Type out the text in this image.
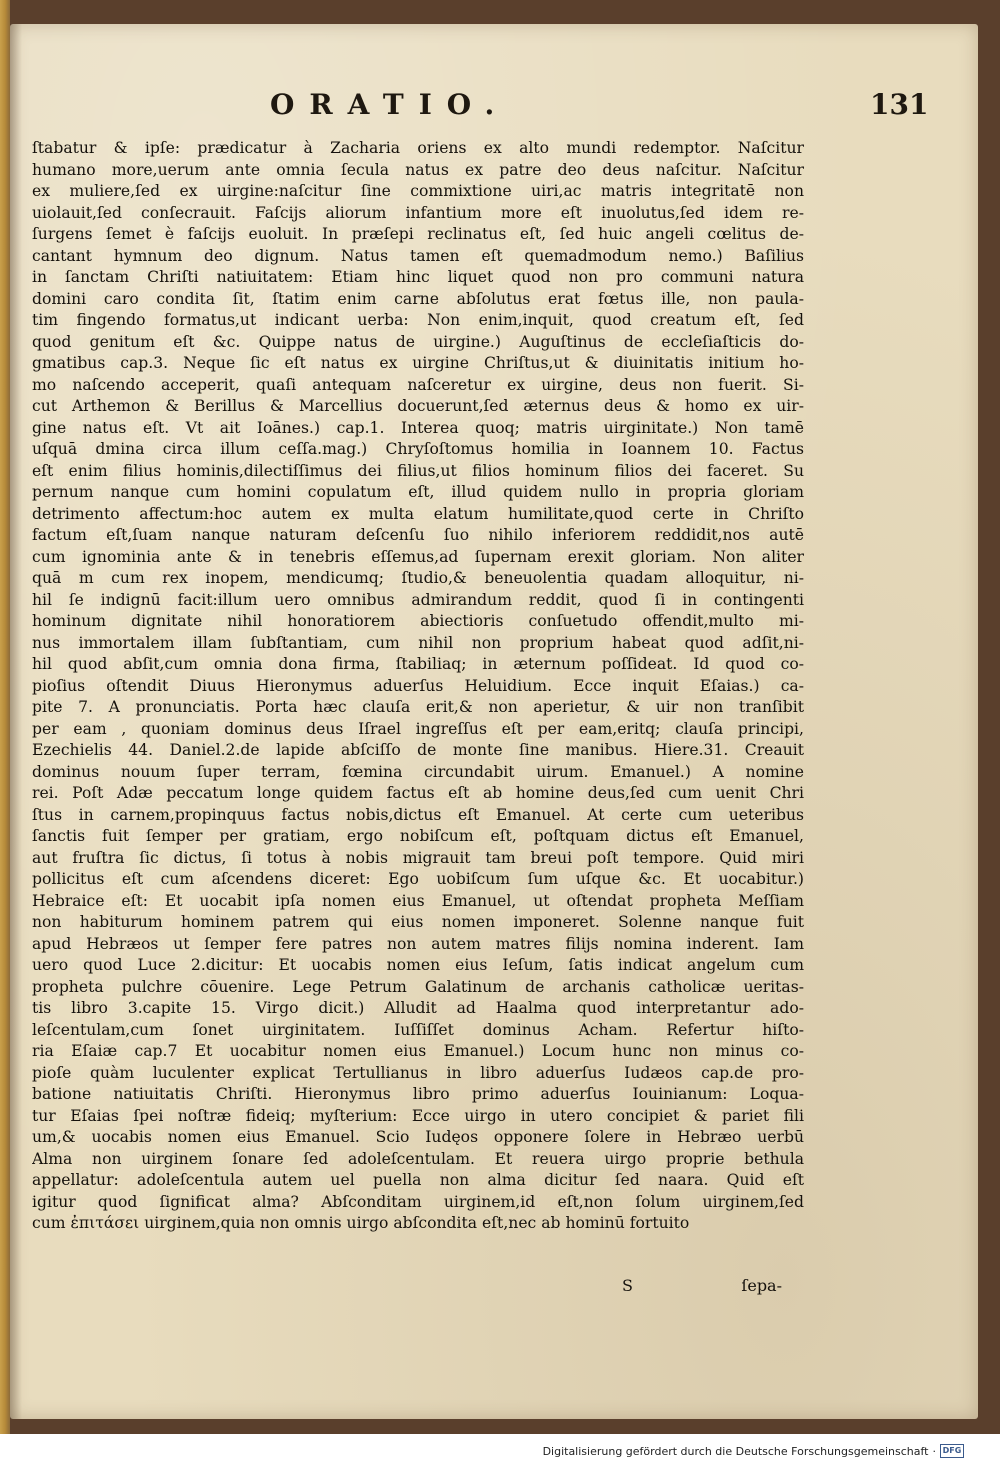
ORATIO.	131
ſtabatur & ipſe: prædicatur à Zacharia oriens ex alto mundi redemptor. Naſcitur
humano more,uerum ante omnia ſecula natus ex patre deo deus naſcitur. Naſcitur
ex muliere,ſed ex uirgine:naſcitur ſine commixtione uiri,ac matris integritatē non
uiolauit,ſed conſecrauit. Faſcijs aliorum infantium more eſt inuolutus,ſed idem re-
ſurgens ſemet è faſcijs euoluit. In præſepi reclinatus eſt, ſed huic angeli cœlitus de-
cantant hymnum deo dignum. Natus tamen eſt quemadmodum nemo.) Baſilius
in ſanctam Chriſti natiuitatem: Etiam hinc liquet quod non pro communi natura
domini caro condita ſit, ſtatim enim carne abſolutus erat fœtus ille, non paula-
tim fingendo formatus,ut indicant uerba: Non enim,inquit, quod creatum eſt, ſed
quod genitum eſt &c. Quippe natus de uirgine.) Auguſtinus de eccleſiaſticis do-
gmatibus cap.3. Neque ſic eſt natus ex uirgine Chriſtus,ut & diuinitatis initium ho-
mo naſcendo acceperit, quaſi antequam naſceretur ex uirgine, deus non fuerit. Si-
cut Arthemon & Berillus & Marcellius docuerunt,ſed æternus deus & homo ex uir-
gine natus eſt. Vt ait Ioānes.) cap.1. Interea quoq; matris uirginitate.) Non tamē
uſquā dmina circa illum ceſſa.mag.) Chryſoſtomus homilia in Ioannem 10. Factus
eſt enim filius hominis,dilectiſſimus dei filius,ut filios hominum filios dei faceret. Su
pernum nanque cum homini copulatum eſt, illud quidem nullo in propria gloriam
detrimento affectum:hoc autem ex multa elatum humilitate,quod certe in Chriſto
factum eſt,ſuam nanque naturam deſcenſu ſuo nihilo inferiorem reddidit,nos autē
cum ignominia ante & in tenebris eſſemus,ad ſupernam erexit gloriam. Non aliter
quā m cum rex inopem, mendicumq; ſtudio,& beneuolentia quadam alloquitur, ni-
hil ſe indignū facit:illum uero omnibus admirandum reddit, quod ſi in contingenti
hominum dignitate nihil honoratiorem abiectioris conſuetudo offendit,multo mi-
nus immortalem illam ſubſtantiam, cum nihil non proprium habeat quod adſit,ni-
hil quod abſit,cum omnia dona firma, ſtabiliaq; in æternum poſſideat. Id quod co-
pioſius oſtendit Diuus Hieronymus aduerſus Heluidium. Ecce inquit Eſaias.) ca-
pite 7. A pronunciatis. Porta hæc clauſa erit,& non aperietur, & uir non tranſibit
per eam , quoniam dominus deus Iſrael ingreſſus eſt per eam,eritq; clauſa principi,
Ezechielis 44. Daniel.2.de lapide abſciſſo de monte ſine manibus. Hiere.31. Creauit
dominus nouum ſuper terram, fœmina circundabit uirum. Emanuel.) A nomine
rei. Poſt Adæ peccatum longe quidem factus eſt ab homine deus,ſed cum uenit Chri
ſtus in carnem,propinquus factus nobis,dictus eſt Emanuel. At certe cum ueteribus
ſanctis fuit ſemper per gratiam, ergo nobiſcum eſt, poſtquam dictus eſt Emanuel,
aut fruſtra ſic dictus, ſi totus à nobis migrauit tam breui poſt tempore. Quid miri
pollicitus eſt cum aſcendens diceret: Ego uobiſcum ſum uſque &c. Et uocabitur.)
Hebraice eſt: Et uocabit ipſa nomen eius Emanuel, ut oſtendat propheta Meſſiam
non habiturum hominem patrem qui eius nomen imponeret. Solenne nanque fuit
apud Hebræos ut ſemper fere patres non autem matres filijs nomina inderent. Iam
uero quod Luce 2.dicitur: Et uocabis nomen eius Ieſum, ſatis indicat angelum cum
propheta pulchre cōuenire. Lege Petrum Galatinum de archanis catholicæ ueritas-
tis libro 3.capite 15. Virgo dicit.) Alludit ad Haalma quod interpretantur ado-
leſcentulam,cum ſonet uirginitatem. Iuſſiſſet dominus Acham. Refertur hiſto-
ria Eſaiæ cap.7 Et uocabitur nomen eius Emanuel.) Locum hunc non minus co-
pioſe quàm luculenter explicat Tertullianus in libro aduerſus Iudæos cap.de pro-
batione natiuitatis Chriſti. Hieronymus libro primo aduerſus Iouinianum: Loqua-
tur Eſaias ſpei noſtræ fideiq; myſterium: Ecce uirgo in utero concipiet & pariet fili
um,& uocabis nomen eius Emanuel. Scio Iudęos opponere ſolere in Hebræo uerbū
Alma non uirginem ſonare ſed adoleſcentulam. Et reuera uirgo proprie bethula
appellatur: adoleſcentula autem uel puella non alma dicitur ſed naara. Quid eſt
igitur quod ſignificat alma? Abſconditam uirginem,id eſt,non ſolum uirginem,ſed
cum ἐπιτάσει uirginem,quia non omnis uirgo abſcondita eſt,nec ab hominū fortuito
S	ſepa-
Digitalisierung gefördert durch die Deutsche Forschungsgemeinschaft · DFG
